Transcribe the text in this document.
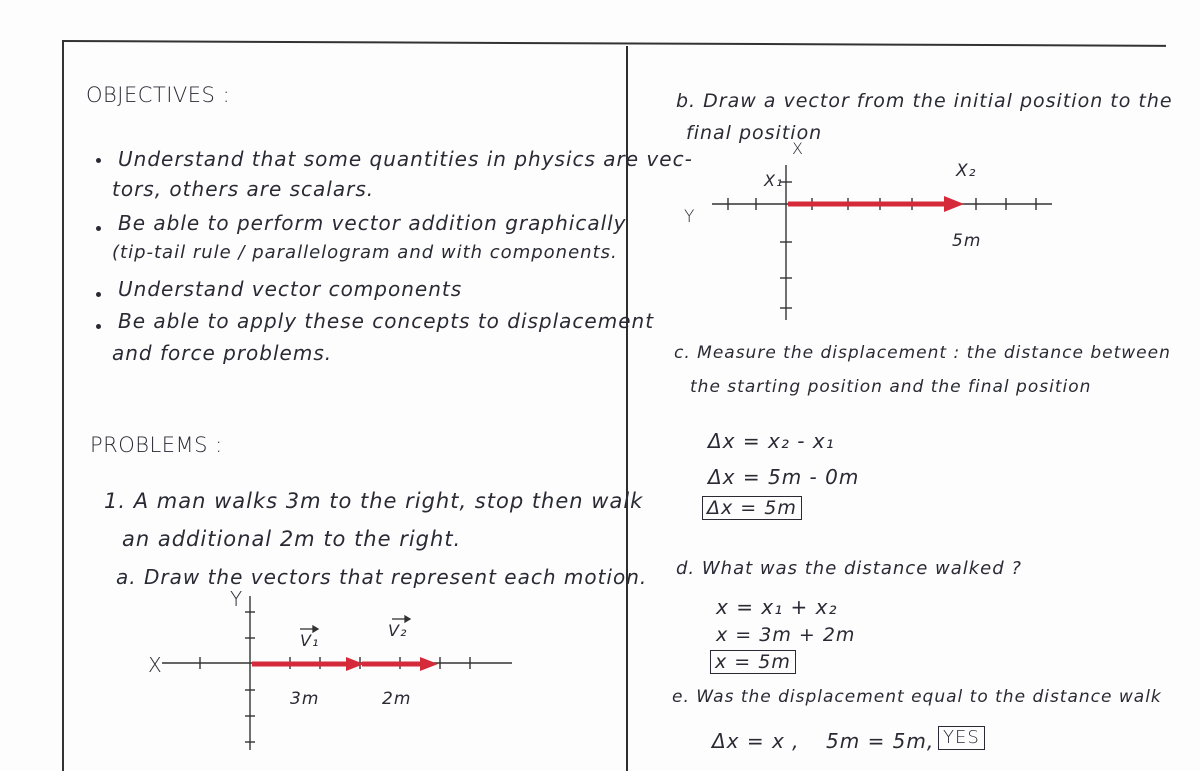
OBJECTIVES :
Understand that some quantities in physics are vec-
tors, others are scalars.
Be able to perform vector addition graphically
(tip-tail rule / parallelogram and with components.
Understand vector components
Be able to apply these concepts to displacement
and force problems.
PROBLEMS :
1. A man walks 3m to the right, stop then walk
an additional 2m to the right.
a. Draw the vectors that represent each motion.
Y
X
V₁
V₂
3m	2m
b. Draw a vector from the initial position to the
final position
X
Y
X₁	X₂
5m
c. Measure the displacement : the distance between
the starting position and the final position
Δx = x₂ - x₁
Δx = 5m - 0m
Δx = 5m
d. What was the distance walked ?
x = x₁ + x₂
x = 3m + 2m
x = 5m
e. Was the displacement equal to the distance walk
Δx = x , 5m = 5m, YES
